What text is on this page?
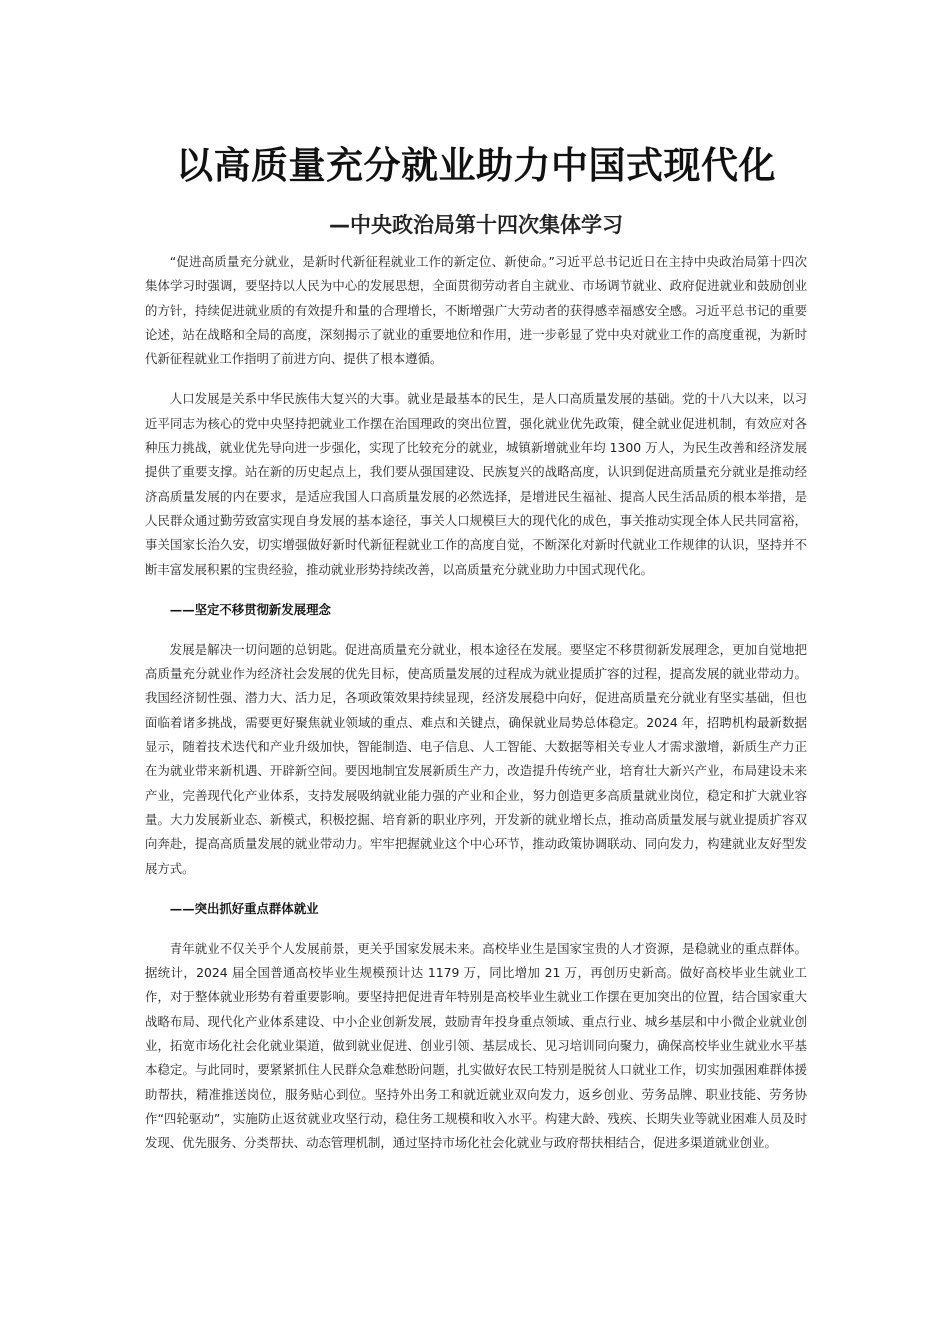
以高质量充分就业助力中国式现代化
—中央政治局第十四次集体学习

“促进高质量充分就业，是新时代新征程就业工作的新定位、新使命。”习近平总书记近日在主持中央政治局第十四次集体学习时强调，要坚持以人民为中心的发展思想，全面贯彻劳动者自主就业、市场调节就业、政府促进就业和鼓励创业的方针，持续促进就业质的有效提升和量的合理增长，不断增强广大劳动者的获得感幸福感安全感。习近平总书记的重要论述，站在战略和全局的高度，深刻揭示了就业的重要地位和作用，进一步彰显了党中央对就业工作的高度重视，为新时代新征程就业工作指明了前进方向、提供了根本遵循。

人口发展是关系中华民族伟大复兴的大事。就业是最基本的民生，是人口高质量发展的基础。党的十八大以来，以习近平同志为核心的党中央坚持把就业工作摆在治国理政的突出位置，强化就业优先政策，健全就业促进机制，有效应对各种压力挑战，就业优先导向进一步强化，实现了比较充分的就业，城镇新增就业年均 1300 万人，为民生改善和经济发展提供了重要支撑。站在新的历史起点上，我们要从强国建设、民族复兴的战略高度，认识到促进高质量充分就业是推动经济高质量发展的内在要求，是适应我国人口高质量发展的必然选择，是增进民生福祉、提高人民生活品质的根本举措，是人民群众通过勤劳致富实现自身发展的基本途径，事关人口规模巨大的现代化的成色，事关推动实现全体人民共同富裕，事关国家长治久安，切实增强做好新时代新征程就业工作的高度自觉，不断深化对新时代就业工作规律的认识，坚持并不断丰富发展积累的宝贵经验，推动就业形势持续改善，以高质量充分就业助力中国式现代化。

——坚定不移贯彻新发展理念

发展是解决一切问题的总钥匙。促进高质量充分就业，根本途径在发展。要坚定不移贯彻新发展理念，更加自觉地把高质量充分就业作为经济社会发展的优先目标，使高质量发展的过程成为就业提质扩容的过程，提高发展的就业带动力。我国经济韧性强、潜力大、活力足，各项政策效果持续显现，经济发展稳中向好，促进高质量充分就业有坚实基础，但也面临着诸多挑战，需要更好聚焦就业领域的重点、难点和关键点，确保就业局势总体稳定。2024 年，招聘机构最新数据显示，随着技术迭代和产业升级加快，智能制造、电子信息、人工智能、大数据等相关专业人才需求激增，新质生产力正在为就业带来新机遇、开辟新空间。要因地制宜发展新质生产力，改造提升传统产业，培育壮大新兴产业，布局建设未来产业，完善现代化产业体系，支持发展吸纳就业能力强的产业和企业，努力创造更多高质量就业岗位，稳定和扩大就业容量。大力发展新业态、新模式，积极挖掘、培育新的职业序列，开发新的就业增长点，推动高质量发展与就业提质扩容双向奔赴，提高高质量发展的就业带动力。牢牢把握就业这个中心环节，推动政策协调联动、同向发力，构建就业友好型发展方式。

——突出抓好重点群体就业

青年就业不仅关乎个人发展前景，更关乎国家发展未来。高校毕业生是国家宝贵的人才资源，是稳就业的重点群体。据统计，2024 届全国普通高校毕业生规模预计达 1179 万，同比增加 21 万，再创历史新高。做好高校毕业生就业工作，对于整体就业形势有着重要影响。要坚持把促进青年特别是高校毕业生就业工作摆在更加突出的位置，结合国家重大战略布局、现代化产业体系建设、中小企业创新发展，鼓励青年投身重点领域、重点行业、城乡基层和中小微企业就业创业，拓宽市场化社会化就业渠道，做到就业促进、创业引领、基层成长、见习培训同向聚力，确保高校毕业生就业水平基本稳定。与此同时，要紧紧抓住人民群众急难愁盼问题，扎实做好农民工特别是脱贫人口就业工作，切实加强困难群体援助帮扶，精准推送岗位，服务贴心到位。坚持外出务工和就近就业双向发力，返乡创业、劳务品牌、职业技能、劳务协作“四轮驱动”，实施防止返贫就业攻坚行动，稳住务工规模和收入水平。构建大龄、残疾、长期失业等就业困难人员及时发现、优先服务、分类帮扶、动态管理机制，通过坚持市场化社会化就业与政府帮扶相结合，促进多渠道就业创业。
